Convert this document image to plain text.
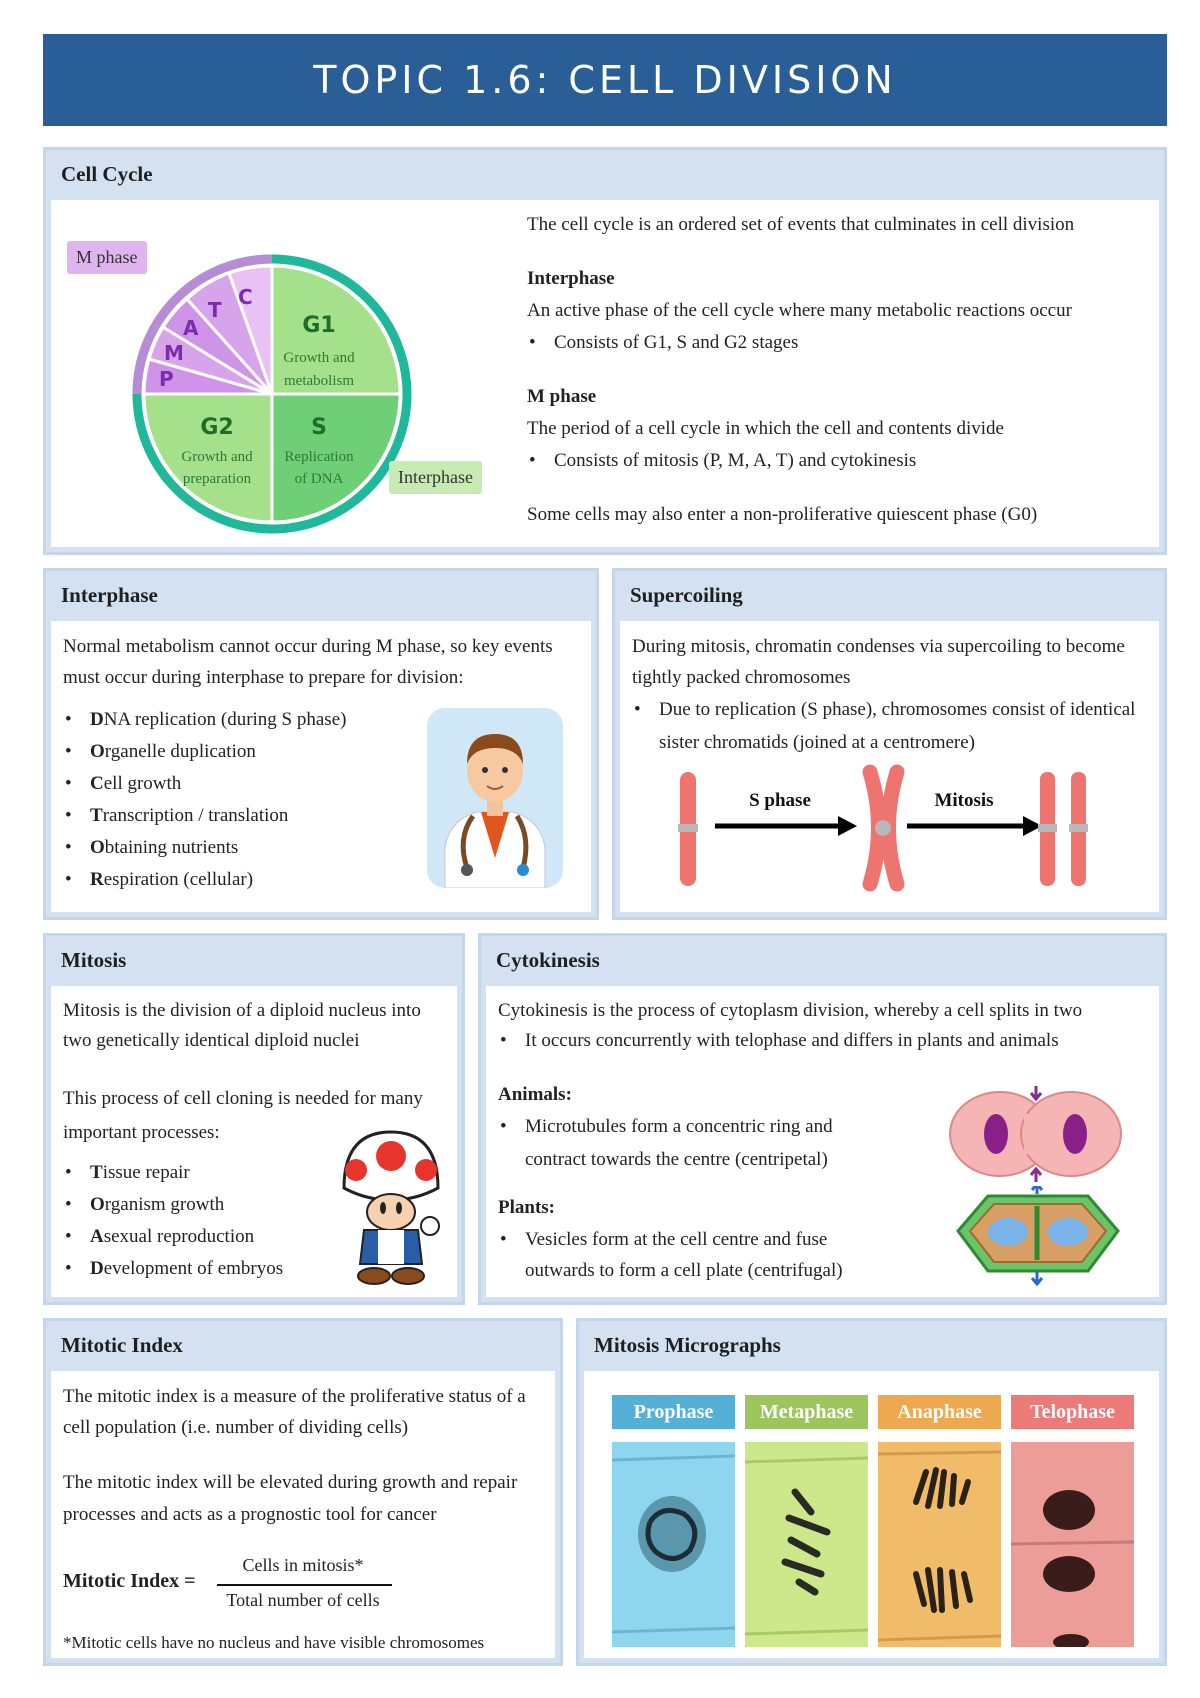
TOPIC 1.6: CELL DIVISION
Cell Cycle
P
M
A
T
C
G1
S
G2
Growth and
metabolism
Replication
of DNA
Growth and
preparation
M phase
Interphase
The cell cycle is an ordered set of events that culminates in cell division
Interphase
An active phase of the cell cycle where many metabolic reactions occur
• Consists of G1, S and G2 stages
M phase
The period of a cell cycle in which the cell and contents divide
• Consists of mitosis (P, M, A, T) and cytokinesis
Some cells may also enter a non-proliferative quiescent phase (G0)
Interphase
Normal metabolism cannot occur during M phase, so key events must occur during interphase to prepare for division:
• DNA replication (during S phase)
• Organelle duplication
• Cell growth
• Transcription / translation
• Obtaining nutrients
• Respiration (cellular)
Supercoiling
During mitosis, chromatin condenses via supercoiling to become tightly packed chromosomes
• Due to replication (S phase), chromosomes consist of identical sister chromatids (joined at a centromere)
S phase	Mitosis
Mitosis
Mitosis is the division of a diploid nucleus into two genetically identical diploid nuclei
This process of cell cloning is needed for many important processes:
• Tissue repair
• Organism growth
• Asexual reproduction
• Development of embryos
Cytokinesis
Cytokinesis is the process of cytoplasm division, whereby a cell splits in two
• It occurs concurrently with telophase and differs in plants and animals
Animals:
• Microtubules form a concentric ring and contract towards the centre (centripetal)
Plants:
• Vesicles form at the cell centre and fuse outwards to form a cell plate (centrifugal)
Mitotic Index
The mitotic index is a measure of the proliferative status of a cell population (i.e. number of dividing cells)
The mitotic index will be elevated during growth and repair processes and acts as a prognostic tool for cancer
Mitotic Index =
Cells in mitosis*
Total number of cells
*Mitotic cells have no nucleus and have visible chromosomes
Mitosis Micrographs
Prophase	Metaphase	Anaphase	Telophase
